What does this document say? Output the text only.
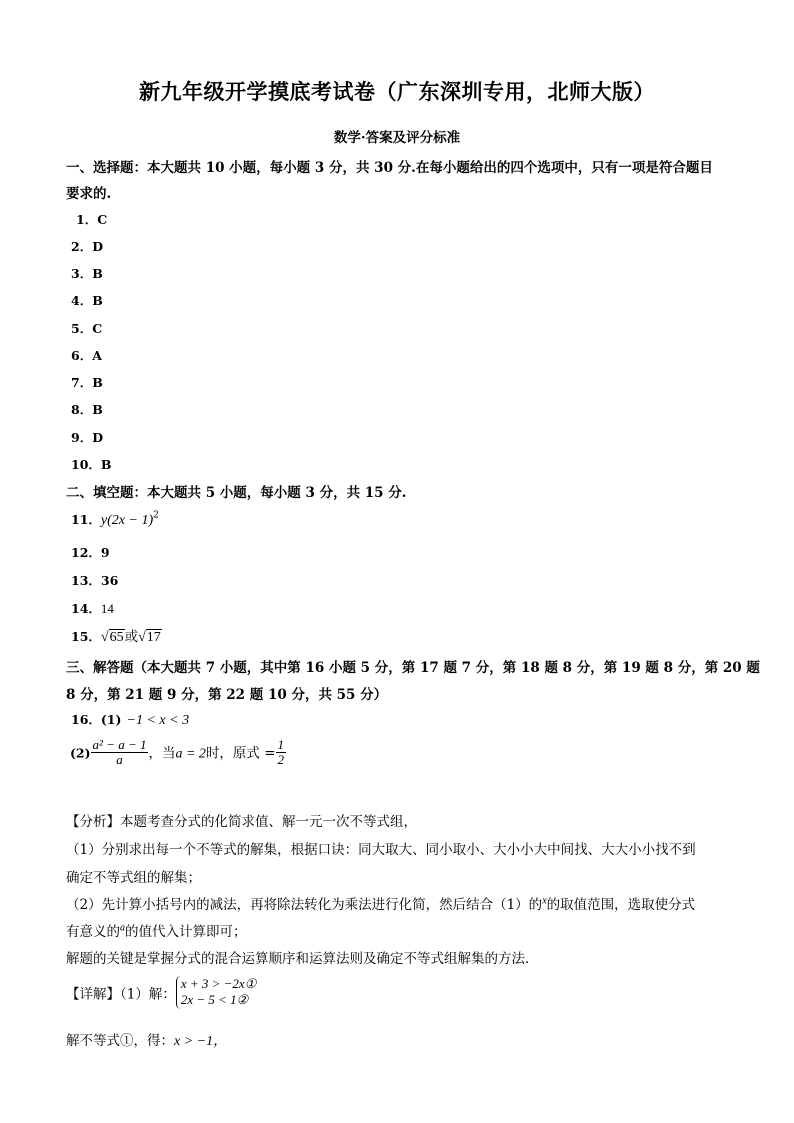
新九年级开学摸底考试卷（广东深圳专用，北师大版）
数学·答案及评分标准
一、选择题：本大题共 10 小题，每小题 3 分，共 30 分.在每小题给出的四个选项中，只有一项是符合题目
要求的.
1．C
2．D
3．B
4．B
5．C
6．A
7．B
8．B
9．D
10．B
二、填空题：本大题共 5 小题，每小题 3 分，共 15 分.
11．$y(2x - 1)^2$
12．9
13．36
14．14
15．√65或√17
三、解答题（本大题共 7 小题，其中第 16 小题 5 分，第 17 题 7 分，第 18 题 8 分，第 19 题 8 分，第 20 题
8 分，第 21 题 9 分，第 22 题 10 分，共 55 分）
16．(1) −1 < x < 3
$(2) \frac{\text{a² − a − 1}}{a}$ ，当a = 2时，原式 = $\frac{1}{2}$
【分析】本题考查分式的化简求值、解一元一次不等式组，
（1）分别求出每一个不等式的解集，根据口诀：同大取大、同小取小、大小小大中间找、大大小小找不到
确定不等式组的解集；
（2）先计算小括号内的减法，再将除法转化为乘法进行化简，然后结合（1）的$^x$的取值范围，选取使分式
有意义的$^a$的值代入计算即可；
解题的关键是掌握分式的混合运算顺序和运算法则及确定不等式组解集的方法．
【详解】（1）解：
x + 3 > −2x①
2x − 5 < 1②
解不等式①，得：x > −1，
